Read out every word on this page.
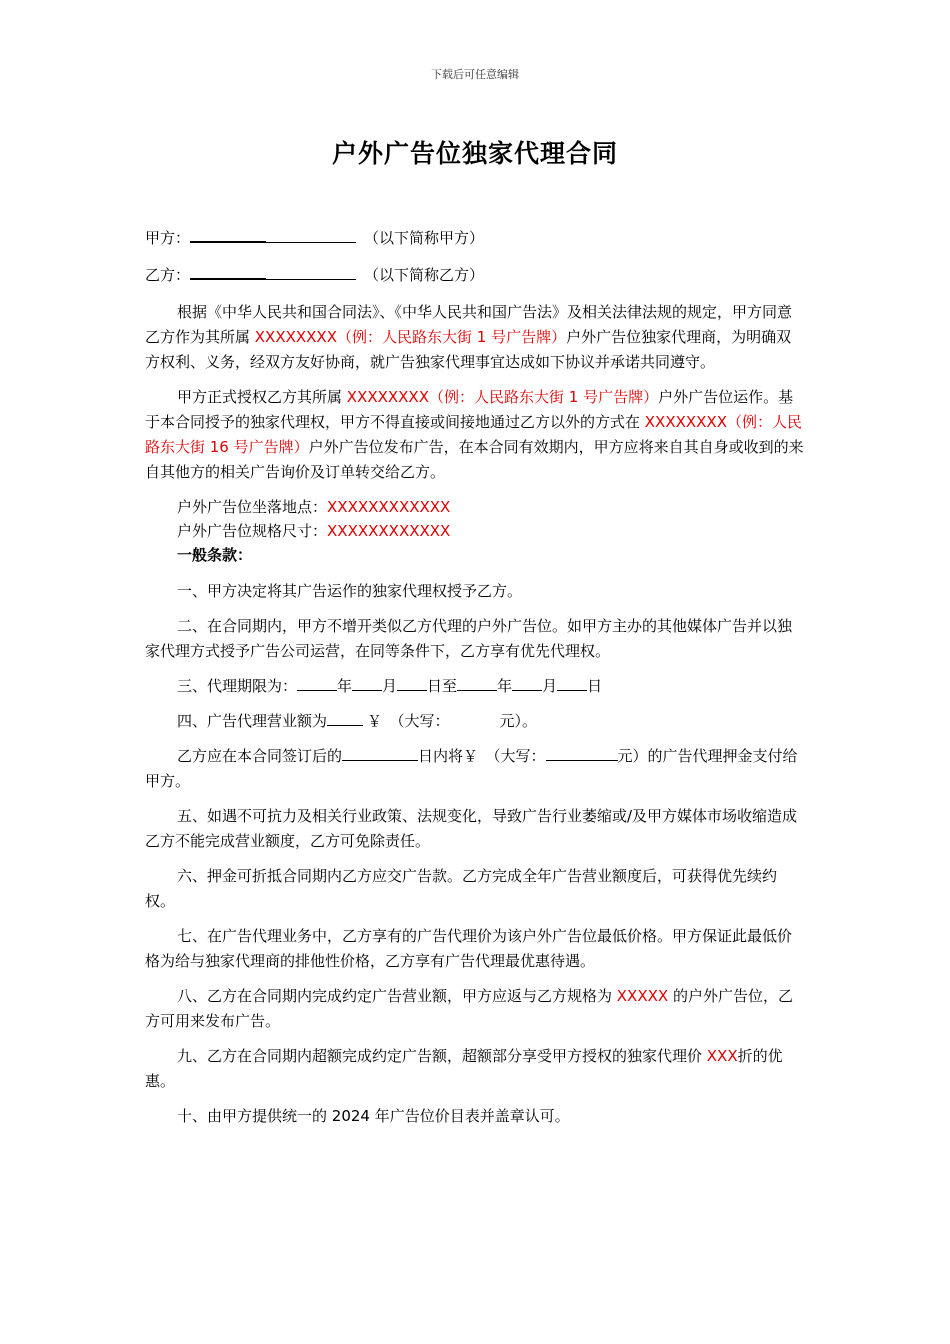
下载后可任意编辑
户外广告位独家代理合同
甲方：	（以下简称甲方）
乙方：	（以下简称乙方）

根据《中华人民共和国合同法》、《中华人民共和国广告法》及相关法律法规的规定，甲方同意乙方作为其所属 XXXXXXXX（例：人民路东大街 1 号广告牌）户外广告位独家代理商，为明确双方权利、义务，经双方友好协商，就广告独家代理事宜达成如下协议并承诺共同遵守。

甲方正式授权乙方其所属 XXXXXXXX（例：人民路东大街 1 号广告牌）户外广告位运作。基于本合同授予的独家代理权，甲方不得直接或间接地通过乙方以外的方式在 XXXXXXXX（例：人民路东大街 16 号广告牌）户外广告位发布广告，在本合同有效期内，甲方应将来自其自身或收到的来自其他方的相关广告询价及订单转交给乙方。

户外广告位坐落地点：XXXXXXXXXXXX

户外广告位规格尺寸：XXXXXXXXXXXX

一般条款：

一、甲方决定将其广告运作的独家代理权授予乙方。

二、在合同期内，甲方不增开类似乙方代理的户外广告位。如甲方主办的其他媒体广告并以独家代理方式授予广告公司运营，在同等条件下，乙方享有优先代理权。

三、代理期限为：	年 月 日至	年 月 日

四、广告代理营业额为	￥　（大写：	元）。

乙方应在本合同签订后的	日内将￥　（大写：	元）的广告代理押金支付给甲方。

五、如遇不可抗力及相关行业政策、法规变化，导致广告行业萎缩或/及甲方媒体市场收缩造成乙方不能完成营业额度，乙方可免除责任。

六、押金可折抵合同期内乙方应交广告款。乙方完成全年广告营业额度后，可获得优先续约权。

七、在广告代理业务中，乙方享有的广告代理价为该户外广告位最低价格。甲方保证此最低价格为给与独家代理商的排他性价格，乙方享有广告代理最优惠待遇。

八、乙方在合同期内完成约定广告营业额，甲方应返与乙方规格为 XXXXX 的户外广告位，乙方可用来发布广告。

九、乙方在合同期内超额完成约定广告额，超额部分享受甲方授权的独家代理价 XXX折的优惠。

十、由甲方提供统一的 2024 年广告位价目表并盖章认可。
